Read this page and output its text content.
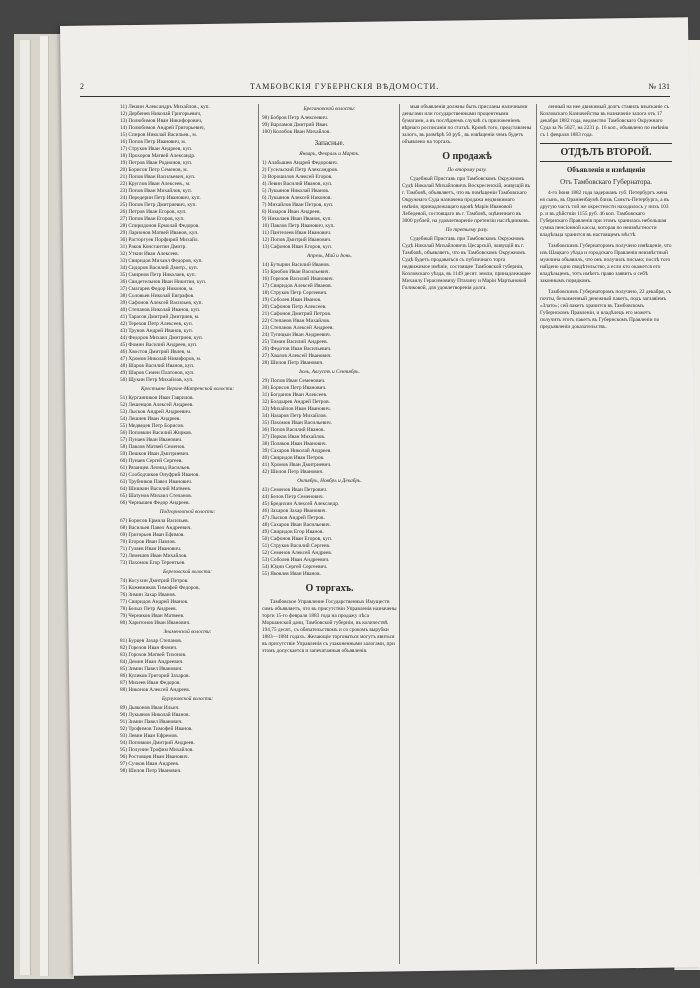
2	ТАМБОВСКІЯ ГУБЕРНСКІЯ ВѢДОМОСТИ.	№ 131
11) Лешин Александръ Михайлов., куп.
12) Дербенев Николай Григорьевич,
13) Полюбимов Иван Никифорович,
14) Полюбимов Андрей Григорьевич,
15) Спиров Николай Васильев., м.
16) Попов Петр Иванович, м.
17) Струков Иван Андреев, куп.
18) Прохоров Матвей Александр.
19) Петров Иван Родионов, куп.
20) Борисов Петр Семенов, м.
21) Попов Иван Васильевич, куп.
22) Круглов Иван Алексеев., м.
23) Попов Иван Михайлов, куп.
24) Передерин Петр Иванович, куп.
25) Попов Петр Дмитриевич, куп.
26) Петров Иван Егоров, куп.
27) Попов Иван Егоров, куп.
28) Спиридонов Ермолай Федоров.
29) Ларионов Матвей Иванов, куп.
30) Расторгуев Порфирий Михайл.
31) Раков Константин Дмитр.
32) Уткин Иван Алексеев.
33) Свиридов Михаил Федоров, куп.
34) Сидоров Василий Дмитр., куп.
35) Смирнов Петр Николаев, куп.
36) Свидетельнов Иван Никитин, куп.
37) Смагарев Федор Никонов, м.
38) Соловьев Николай Евграфов.
39) Сафонов Алексей Васильев, куп.
40) Степанов Николай Иванов, куп.
41) Тарасов Дмитрий Дмитриев, м.
42) Терехов Петр Алексеев, куп.
43) Трунов Андрей Иванов, куп.
44) Федоров Михаил Дмитриев, куп.
45) Фомин Василий Андреев, куп.
46) Хвостов Дмитрий Ивлев, м.
47) Хромов Николай Никифоров, м.
48) Шаров Василий Иванов, куп.
49) Шаров Семен Платонов, куп.
50) Щукин Петр Михайлов, куп.
Крестьяне Верхне-Матренской волости:
51) Курганников Иван Гаврилов.
52) Лешенцов Алексей Андреев.
53) Лысков Андрей Андреевич.
54) Лешнев Иван Андреев.
55) Медведев Петр Борисов.
56) Поповкин Василий Жирков.
57) Пунаев Иван Иванович.
58) Павлов Матвей Семенов.
59) Пешков Иван Дмитриевич.
60) Пунаев Сергей Сергеев.
61) Рязанцев Леонид Васильев.
62) Слободчиков Онуфрий Иванов.
63) Трубников Павел Иванович.
64) Шишкин Василий Матвеев.
65) Шатунов Михаил Степанов.
66) Чернышев Федор Андреев.
Подгорновской волости:
67) Борисов Ермила Васильев.
68) Васильев Павел Андреевич.
69) Григорьев Иван Ефимов.
70) Егоров Иван Павлов.
71) Гуляев Иван Иванович.
72) Лемешев Иван Михайлов.
73) Пахомов Егор Терентьев.
Березовской волости:
74) Косухин Дмитрий Петров.
75) Кожевников Тимофей Федоров.
76) Зимин Захар Иванов.
77) Свиридов Андрей Иванов.
78) Белых Петр Андреев.
79) Черников Иван Матвеев.
80) Харитонов Иван Иванович.
Знаменской волости:
81) Бурцев Захар Степанов.
82) Горелов Иван Фомич.
83) Горохов Матвей Тихонов.
84) Демин Иван Андреевич.
85) Зимин Павел Иванович.
86) Куликов Григорий Захаров.
87) Михеев Иван Федоров.
88) Никонов Алексей Андреев.
Бурлуковской волости:
89) Дьяконов Иван Ильич.
90) Лукьянов Николай Иванов.
91) Зимин Павел Иванович.
92) Трофимов Тимофей Иванов.
93) Левин Иван Ефремов.
94) Поповкин Дмитрий Андреев.
95) Полунин Трофим Михайлов.
96) Ростовцев Иван Иванович.
97) Сучков Иван Андреев.
98) Шилов Петр Иванович.
Брегановской волости:
98) Бобров Петр Алексеевич.
99) Варламов Дмитрий Иван.
100) Колобов Иван Михайлов.
Запасные.
Январь, Февраль и Мартъ.
1) Алабышев Андрей Федорович.
2) Гусельский Петр Александров.
3) Ворошилов Алексей Егоров.
4) Левин Василий Иванов, куп.
5) Лукьянов Николай Иванов.
6) Лукьянов Алексей Никонов.
7) Михайлов Иван Петров, куп.
8) Назаров Иван Андреев.
9) Николаев Иван Иванов, куп.
10) Павлов Петр Иванович, куп.
11) Пантелеев Иван Иванович.
12) Попов Дмитрий Иванович.
13) Сафонов Иван Егоров, куп.
Апрель, Май и Іюнь.
14) Бутырин Василий Иванов.
15) Брюбов Иван Васильевич.
16) Горелов Василий Иванович.
17) Свиридов Алексей Иванов.
18) Струков Петр Сергеевич.
19) Соболев Иван Иванов.
20) Сафонов Петр Алексеев.
21) Сафонов Дмитрий Петров.
22) Степанов Иван Михайлов.
23) Степанов Алексей Андреев.
24) Тупицын Иван Андреевич.
25) Тимин Василий Андреев.
26) Федотов Иван Васильевич.
27) Хвалов Алексей Иванович.
28) Шилов Петр Иванович.
Іюль, Августъ и Сентябрь.
29) Попов Иван Семенович.
30) Борисов Петр Иванович.
31) Богданов Иван Алексеев.
32) Болдырев Андрей Петров.
33) Михайлов Иван Иванович.
34) Назаров Петр Михайлов.
35) Пахомов Иван Васильевич.
36) Попов Василий Иванов.
37) Перков Иван Михайлов.
38) Поляков Иван Иванович.
39) Сахаров Николай Андреев.
40) Свиридов Иван Петров.
41) Хромов Иван Дмитриевич.
42) Шилов Петр Иванович.
Октябрь, Ноябрь и Декабрь.
43) Семенов Иван Петрович.
44) Белов Петр Семенович.
45) Бредихин Алексей Александр.
46) Захаров Захар Иванович.
47) Лысков Андрей Петров.
48) Сахаров Иван Васильевич.
49) Свиридов Егор Иванов.
50) Сафонов Иван Егоров, куп.
51) Струков Василий Сергеев.
52) Семенов Алексей Андреев.
53) Соболев Иван Андреевич.
54) Юдин Сергей Сергеевич.
55) Яковлев Иван Иванов.
О торгахъ.
Тамбовское Управление Государственных Имуществ симъ объявляетъ, что въ присутствіи Управленія назначены торги 15-го февраля 1883 года на продажу лѣса Моршанской дачи, Тамбовской губерніи, въ количествѣ 194,75 десят., съ обязательствомъ и со срокомъ вырубки 1883—1884 годахъ. Желающіе торговаться могутъ явиться въ присутствіе Управленія съ узаконенными залогами, при этомъ допускается и запечатанныя объявленія.
мыя объявленія должны быть присланы наличными деньгами или государственными процентными бумагами, а въ послѣднемъ случаѣ съ приложеніемъ вѣрнаго росписанія по статьѣ. Кромѣ того, представлены залогъ, въ размѣрѣ 50 руб., въ извѣщеніи чемъ будетъ объявлено на торгахъ.
О продажѣ
По второму разу.
Судебный Приставъ при Тамбовскомъ Окружномъ Судѣ Николай Михайловичъ Воскресенскій, живущій въ г. Тамбовѣ, объявляетъ, что въ помѣщеніи Тамбовскаго Окружнаго Суда назначена продажа недвижимаго имѣнія, принадлежащаго вдовѣ Маріи Ивановой Лебедевой, состоящаго въ г. Тамбовѣ, оцѣненнаго въ 3000 рублей, на удовлетвореніе претензіи наслѣдниковъ.
По третьему разу.
Судебный Приставъ при Тамбовскомъ Окружномъ Судѣ Николай Михайловичъ Цесарскій, живущій въ г. Тамбовѣ, объявляетъ, что въ Тамбовскомъ Окружномъ Судѣ будетъ продаваться съ публичнаго торга недвижимое имѣніе, состоящее Тамбовской губерніи, Козловскаго уѣзда, въ 1149 десят. земли, принадлежащее Михаилу Герасимовичу Птахину и Маріи Мартыновой Голиковой, для удовлетворенія долга.
ленный на нее движимый долгъ ставилъ взысканіе съ Козловскаго Казначейства въ назначеніе залога отъ 17 декабря 1882 года, ведомство Тамбовскаго Окружнаго Суда за № 5027, на 2231 р. 16 коп., объявлено по имѣнію съ 1 февраля 1883 года.
ОТДѢЛЪ ВТОРОЙ.
Объявленія и извѣщенія
Отъ Тамбовскаго Губернатора.
4-го Іюня 1882 года задержанъ губ. Петербургъ жена ея сынъ, въ Ораніенбаумѣ близь Санктъ-Петербурга, а въ другую часть той же окрестности находилось у нихъ 103 р. и въ дѣйствіи 1155 руб. 46 коп. Тамбовскаго Губернскаго Правленія при этомъ хранилась небольшая сумма пенсіонной кассы, которая по неизвѣстности владѣльца хранится въ настоящемъ мѣстѣ.
Тамбовскимъ Губернаторомъ получено извѣщеніе, что изъ Шацкаго уѣзда и городскаго Правленія неизвѣстный мужчина объявилъ, что онъ получилъ письмо; послѣ того найдено одно свидѣтельство, а если кто окажется его владѣльцемъ, тотъ имѣетъ право заявить о себѣ законнымъ порядкомъ.
Тамбовскимъ Губернаторомъ получено, 22 декабря, съ почты, безъименный денежный пакетъ, подъ заглавіемъ «Злато»; сей пакетъ хранится въ Тамбовскомъ Губернскомъ Правленіи, и владѣлецъ его можетъ получить этотъ пакетъ въ Губернскомъ Правленіи по предъявленіи доказательствъ.
